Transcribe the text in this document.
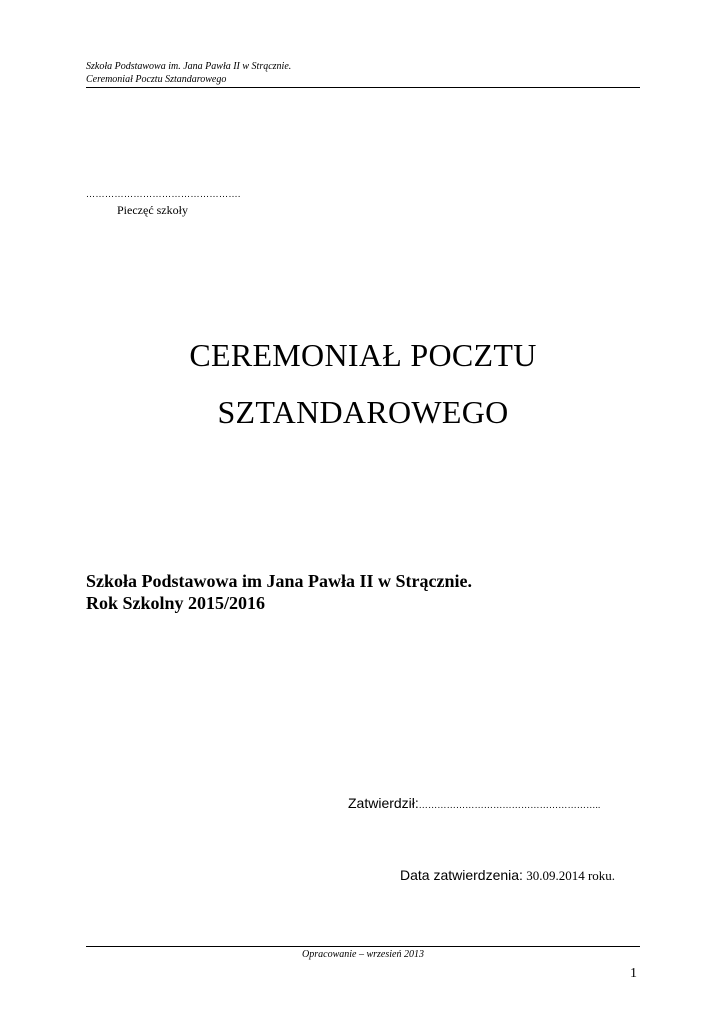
Szkoła Podstawowa im. Jana Pawła II w Strącznie.
Ceremoniał Pocztu Sztandarowego
………………………………………….
Pieczęć szkoły
CEREMONIAŁ POCZTU
SZTANDAROWEGO
Szkoła Podstawowa im Jana Pawła II w Strącznie.
Rok Szkolny 2015/2016
Zatwierdził:…………………………………………………..
Data zatwierdzenia: 30.09.2014 roku.
Opracowanie – wrzesień 2013
1
